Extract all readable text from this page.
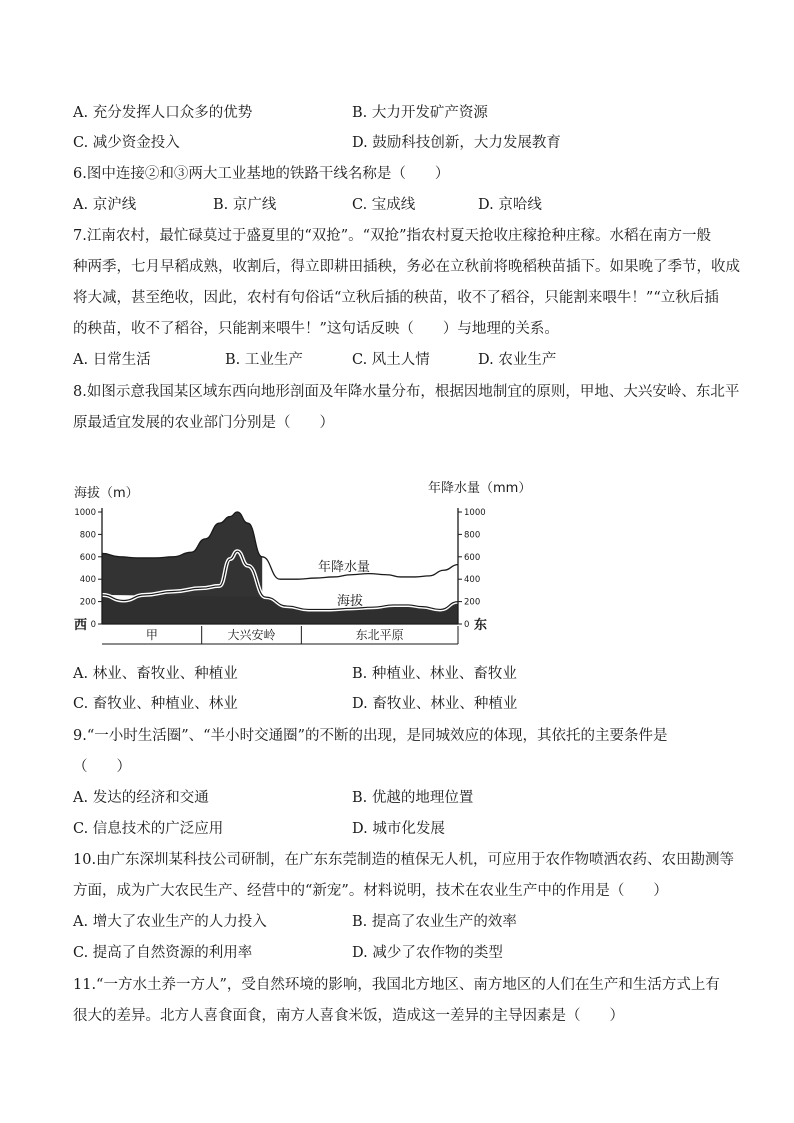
A. 充分发挥人口众多的优势	B. 大力开发矿产资源
C. 减少资金投入	D. 鼓励科技创新，大力发展教育
6.图中连接②和③两大工业基地的铁路干线名称是（　　）
A. 京沪线	B. 京广线	C. 宝成线	D. 京哈线
7.江南农村，最忙碌莫过于盛夏里的“双抢”。“双抢”指农村夏天抢收庄稼抢种庄稼。水稻在南方一般
种两季，七月早稻成熟，收割后，得立即耕田插秧，务必在立秋前将晚稻秧苗插下。如果晚了季节，收成
将大减，甚至绝收，因此，农村有句俗话“立秋后插的秧苗，收不了稻谷，只能割来喂牛！”“立秋后插
的秧苗，收不了稻谷，只能割来喂牛！”这句话反映（　　）与地理的关系。
A. 日常生活	B. 工业生产	C. 风土人情	D. 农业生产
8.如图示意我国某区域东西向地形剖面及年降水量分布，根据因地制宜的原则，甲地、大兴安岭、东北平
原最适宜发展的农业部门分别是（　　）
海拔（m）	年降水量（mm）
0
200
400
600
800
1000
0
200
400
600
800
1000
年降水量
海拔
西	东
甲	大兴安岭	东北平原
A. 林业、畜牧业、种植业	B. 种植业、林业、畜牧业
C. 畜牧业、种植业、林业	D. 畜牧业、林业、种植业
9.“一小时生活圈”、“半小时交通圈”的不断的出现，是同城效应的体现，其依托的主要条件是
（　　）
A. 发达的经济和交通	B. 优越的地理位置
C. 信息技术的广泛应用	D. 城市化发展
10.由广东深圳某科技公司研制，在广东东莞制造的植保无人机，可应用于农作物喷洒农药、农田勘测等
方面，成为广大农民生产、经营中的“新宠”。材料说明，技术在农业生产中的作用是（　　）
A. 增大了农业生产的人力投入	B. 提高了农业生产的效率
C. 提高了自然资源的利用率	D. 减少了农作物的类型
11.“一方水土养一方人”，受自然环境的影响，我国北方地区、南方地区的人们在生产和生活方式上有
很大的差异。北方人喜食面食，南方人喜食米饭，造成这一差异的主导因素是（　　）
